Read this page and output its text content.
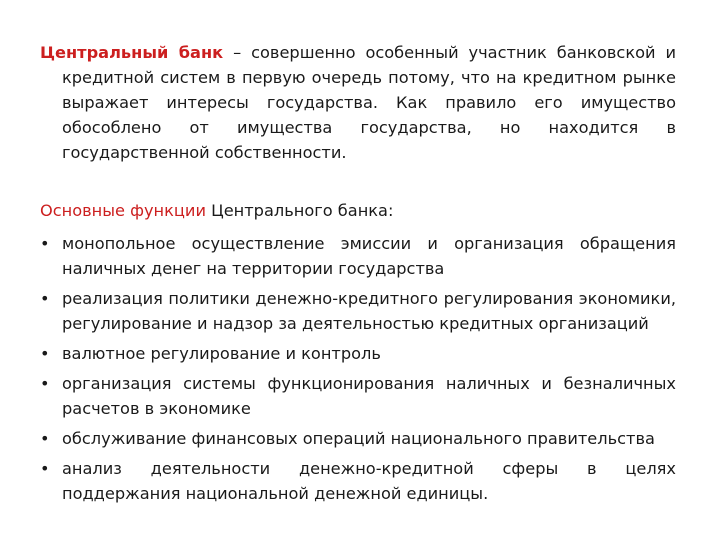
Центральный банк – совершенно особенный участник банковской и кредитной систем в первую очередь потому, что на кредитном рынке выражает интересы государства. Как правило его имущество обособлено от имущества государства, но находится в государственной собственности.

Основные функции Центрального банка:
• монопольное осуществление эмиссии и организация обращения наличных денег на территории государства
• реализация политики денежно-кредитного регулирования экономики, регулирование и надзор за деятельностью кредитных организаций
• валютное регулирование и контроль
• организация системы функционирования наличных и безналичных расчетов в экономике
• обслуживание финансовых операций национального правительства
• анализ деятельности денежно-кредитной сферы в целях поддержания национальной денежной единицы.
